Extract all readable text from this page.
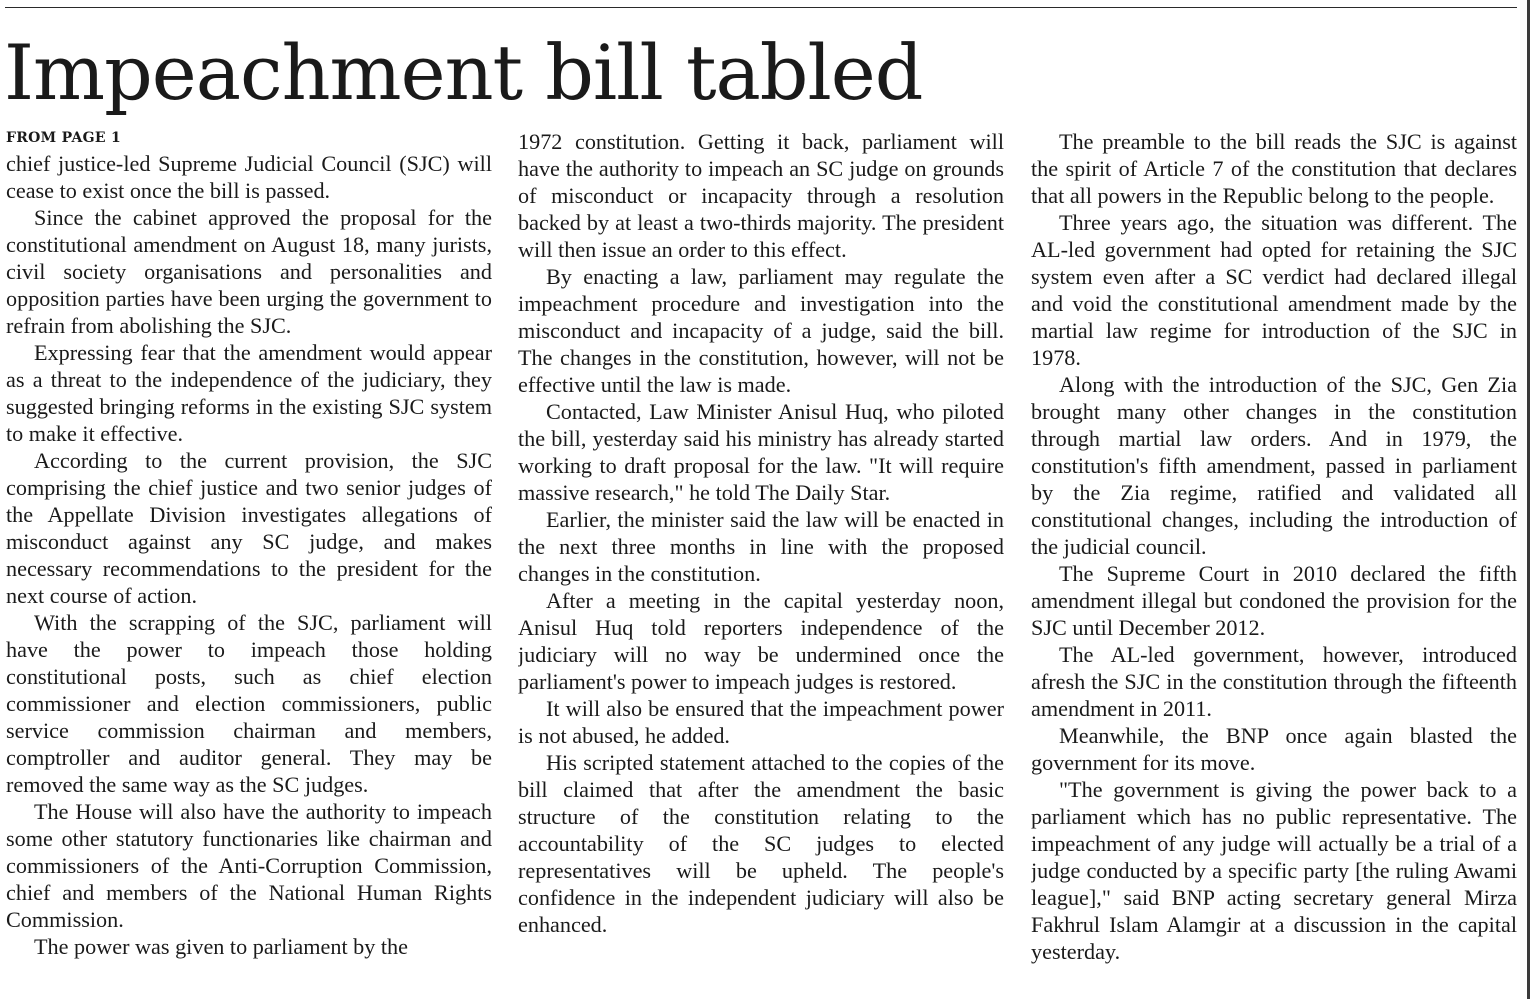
Impeachment bill tabled
FROM PAGE 1

chief justice-led Supreme Judicial Council (SJC) will cease to exist once the bill is passed.

Since the cabinet approved the proposal for the constitutional amendment on August 18, many jurists, civil society organisations and personalities and opposition parties have been urging the government to refrain from abolishing the SJC.

Expressing fear that the amendment would appear as a threat to the independence of the judiciary, they suggested bringing reforms in the existing SJC system to make it effective.

According to the current provision, the SJC comprising the chief justice and two senior judges of the Appellate Division investigates allegations of misconduct against any SC judge, and makes necessary recommendations to the president for the next course of action.

With the scrapping of the SJC, parliament will have the power to impeach those holding constitutional posts, such as chief election commissioner and election commissioners, public service commission chairman and members, comptroller and auditor general. They may be removed the same way as the SC judges.

The House will also have the authority to impeach some other statutory functionaries like chairman and commissioners of the Anti-Corruption Commission, chief and members of the National Human Rights Commission.

The power was given to parliament by the

1972 constitution. Getting it back, parliament will have the authority to impeach an SC judge on grounds of misconduct or incapacity through a resolution backed by at least a two-thirds majority. The president will then issue an order to this effect.

By enacting a law, parliament may regulate the impeachment procedure and investigation into the misconduct and incapacity of a judge, said the bill. The changes in the constitution, however, will not be effective until the law is made.

Contacted, Law Minister Anisul Huq, who piloted the bill, yesterday said his ministry has already started working to draft proposal for the law. "It will require massive research," he told The Daily Star.

Earlier, the minister said the law will be enacted in the next three months in line with the proposed changes in the constitution.

After a meeting in the capital yesterday noon, Anisul Huq told reporters independence of the judiciary will no way be undermined once the parliament's power to impeach judges is restored.

It will also be ensured that the impeachment power is not abused, he added.

His scripted statement attached to the copies of the bill claimed that after the amendment the basic structure of the constitution relating to the accountability of the SC judges to elected representatives will be upheld. The people's confidence in the independent judiciary will also be enhanced.

The preamble to the bill reads the SJC is against the spirit of Article 7 of the constitution that declares that all powers in the Republic belong to the people.

Three years ago, the situation was different. The AL-led government had opted for retaining the SJC system even after a SC verdict had declared illegal and void the constitutional amendment made by the martial law regime for introduction of the SJC in 1978.

Along with the introduction of the SJC, Gen Zia brought many other changes in the constitution through martial law orders. And in 1979, the constitution's fifth amendment, passed in parliament by the Zia regime, ratified and validated all constitutional changes, including the introduction of the judicial council.

The Supreme Court in 2010 declared the fifth amendment illegal but condoned the provision for the SJC until December 2012.

The AL-led government, however, introduced afresh the SJC in the constitution through the fifteenth amendment in 2011.

Meanwhile, the BNP once again blasted the government for its move.

"The government is giving the power back to a parliament which has no public representative. The impeachment of any judge will actually be a trial of a judge conducted by a specific party [the ruling Awami league]," said BNP acting secretary general Mirza Fakhrul Islam Alamgir at a discussion in the capital yesterday.
